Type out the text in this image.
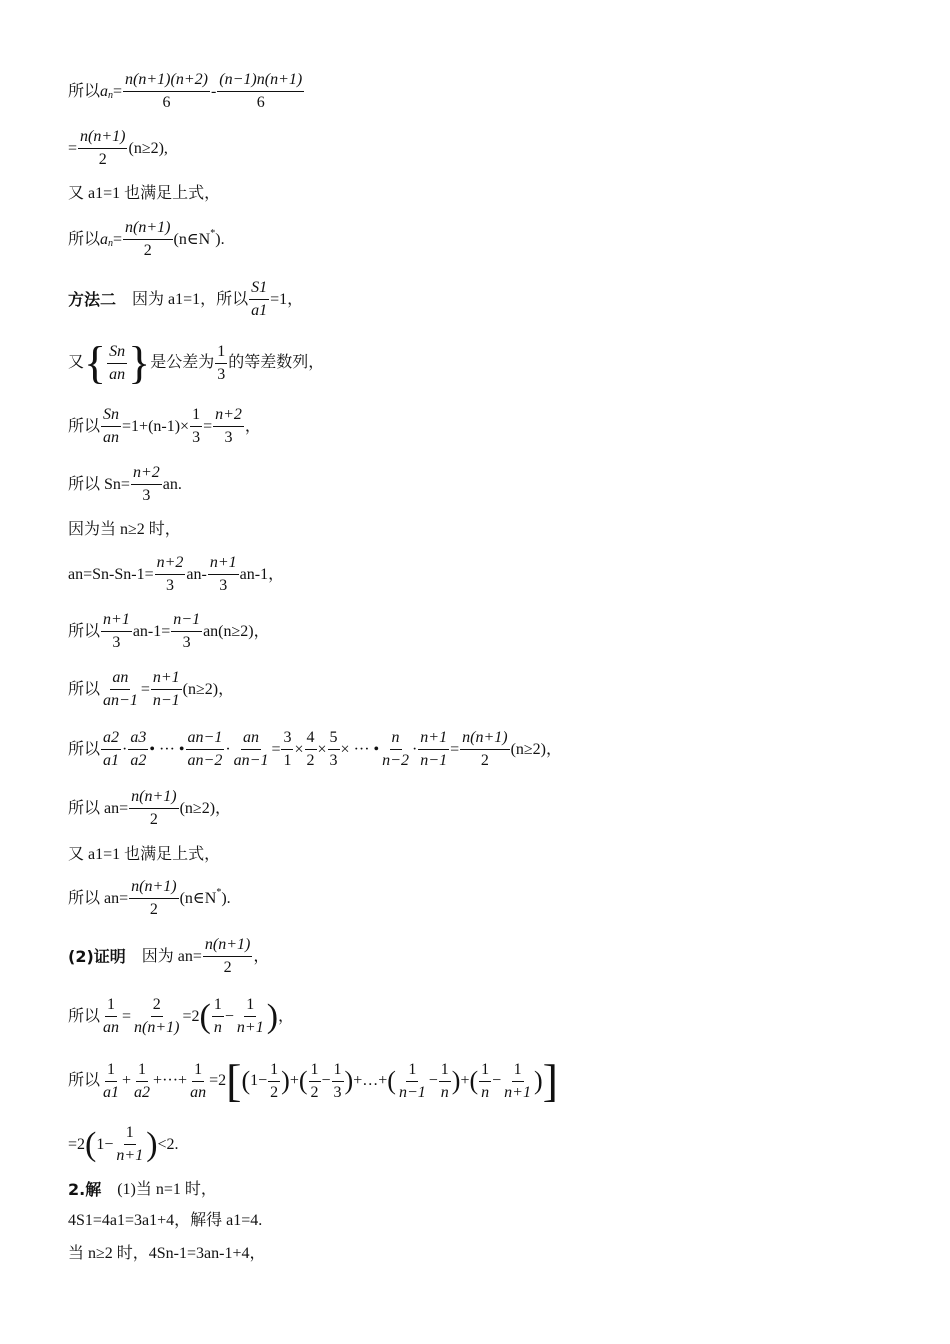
所以 a $n = \frac{n(n+1)(n+2)}{6} - \frac{(n-1)n(n+1)}{6}$
= $\frac{n(n+1)}{2} (n\ge 2)$,
又 a1=1 也满足上式，
所以 a $n = \frac{n(n+1)}{2}$ (n∈N * ).
方法二 　因为 a1=1，所以 $\frac{S1}{a1} =1$，
又 { $\frac{Sn}{an}$ } 是公差为 $\frac{1}{3}$ 的等差数列，
所以 $\frac{Sn}{an} =1+(n-1)\times \frac{1}{3} = \frac{n+2}{3}$ ，
所以 $Sn= \frac{n+2}{3}$ an.
因为当 n≥2 时，
$an=Sn-Sn-1= \frac{n+2}{3} an- \frac{n+1}{3} an-1$，
所以 $\frac{n+1}{3} an-1= \frac{n-1}{3} an(n\ge 2)$，
所以 $\frac{an}{an-1} = \frac{n+1}{n-1} (n\ge 2)$，
所以 $\frac{a2}{a1} \cdot \frac{a3}{a2}$ • ··· • $\frac{an-1}{an-2} \cdot \frac{an}{an-1} = \frac{3}{1} \times \frac{4}{2} \times \frac{5}{3}$ × ··· • $\frac{n}{n-2} \cdot \frac{n+1}{n-1} = \frac{n(n+1)}{2} (n\ge 2)$，
所以 $an= \frac{n(n+1)}{2} (n\ge 2)$，
又 a1=1 也满足上式，
所以 $an= \frac{n(n+1)}{2}$ (n∈N * ).
(2)证明 　因为 $an= \frac{n(n+1)}{2}$ ，
所以 $\frac{1}{an} = \frac{2}{n(n+1)} =2$ ( $\frac{1}{n} - \frac{1}{n+1}$ ) ，
所以 $\frac{1}{a1} + \frac{1}{a2}$ +···+ $\frac{1}{an} =2$ [ ( $1- \frac{1}{2}$ ) + ( $\frac{1}{2} - \frac{1}{3}$ ) +…+ ( $\frac{1}{n-1} - \frac{1}{n}$ ) + ( $\frac{1}{n} - \frac{1}{n+1}$ ) ]
=2 ( $1- \frac{1}{n+1}$ ) <2.
2.解 　(1)当 n=1 时，
4S1=4a1=3a1+4，解得 a1=4.
当 n≥2 时，4Sn-1=3an-1+4，
